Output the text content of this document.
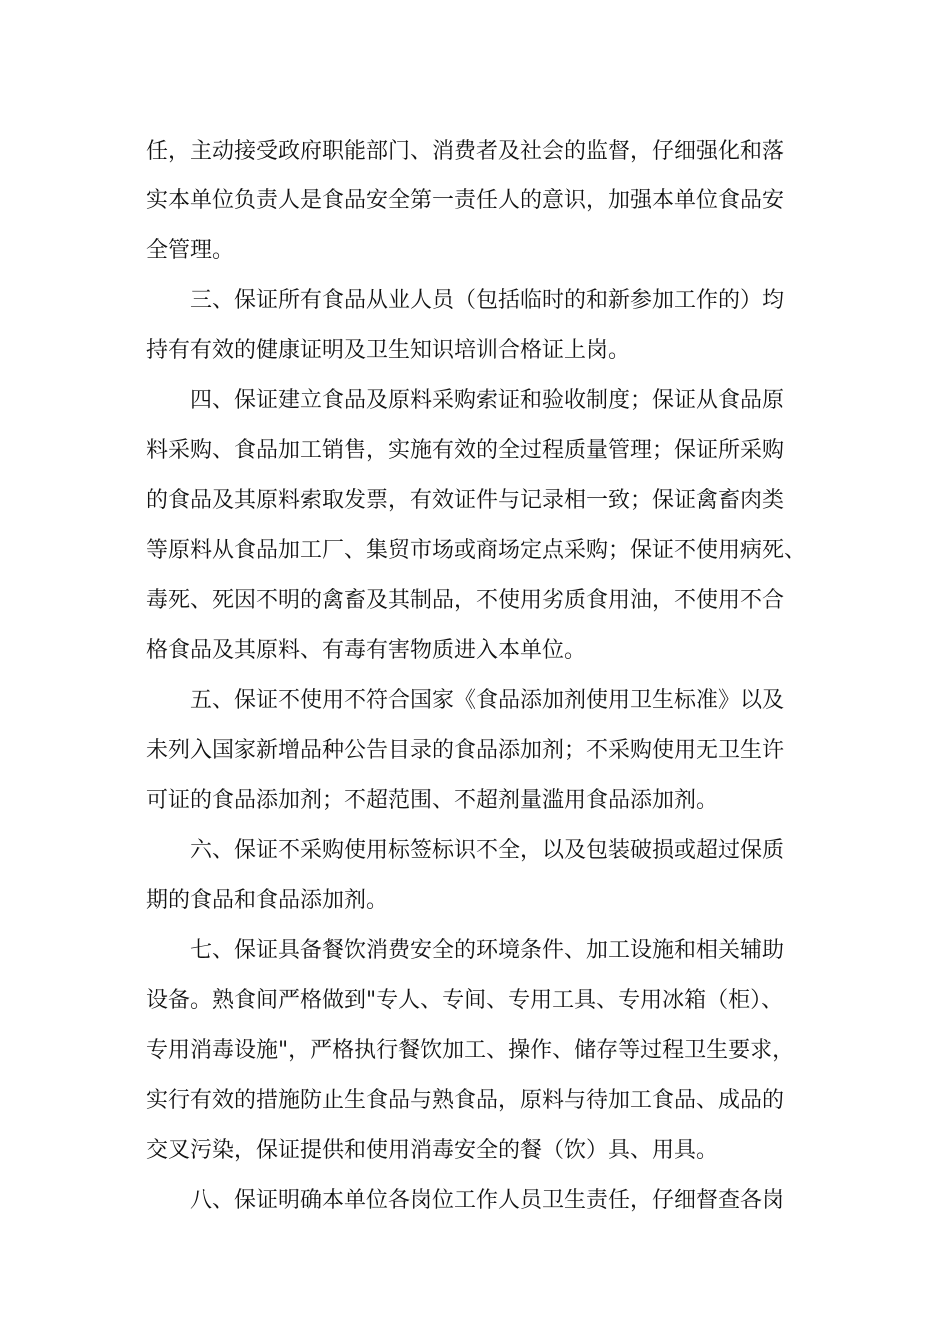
任，主动接受政府职能部门、消费者及社会的监督，仔细强化和落

实本单位负责人是食品安全第一责任人的意识，加强本单位食品安

全管理。

三、保证所有食品从业人员（包括临时的和新参加工作的）均

持有有效的健康证明及卫生知识培训合格证上岗。

四、保证建立食品及原料采购索证和验收制度；保证从食品原

料采购、食品加工销售，实施有效的全过程质量管理；保证所采购

的食品及其原料索取发票，有效证件与记录相一致；保证禽畜肉类

等原料从食品加工厂、集贸市场或商场定点采购；保证不使用病死、

毒死、死因不明的禽畜及其制品，不使用劣质食用油，不使用不合

格食品及其原料、有毒有害物质进入本单位。

五、保证不使用不符合国家《食品添加剂使用卫生标准》以及

未列入国家新增品种公告目录的食品添加剂；不采购使用无卫生许

可证的食品添加剂；不超范围、不超剂量滥用食品添加剂。

六、保证不采购使用标签标识不全，以及包装破损或超过保质

期的食品和食品添加剂。

七、保证具备餐饮消费安全的环境条件、加工设施和相关辅助

设备。熟食间严格做到"专人、专间、专用工具、专用冰箱（柜）、

专用消毒设施"，严格执行餐饮加工、操作、储存等过程卫生要求，

实行有效的措施防止生食品与熟食品，原料与待加工食品、成品的

交叉污染，保证提供和使用消毒安全的餐（饮）具、用具。

八、保证明确本单位各岗位工作人员卫生责任，仔细督查各岗
